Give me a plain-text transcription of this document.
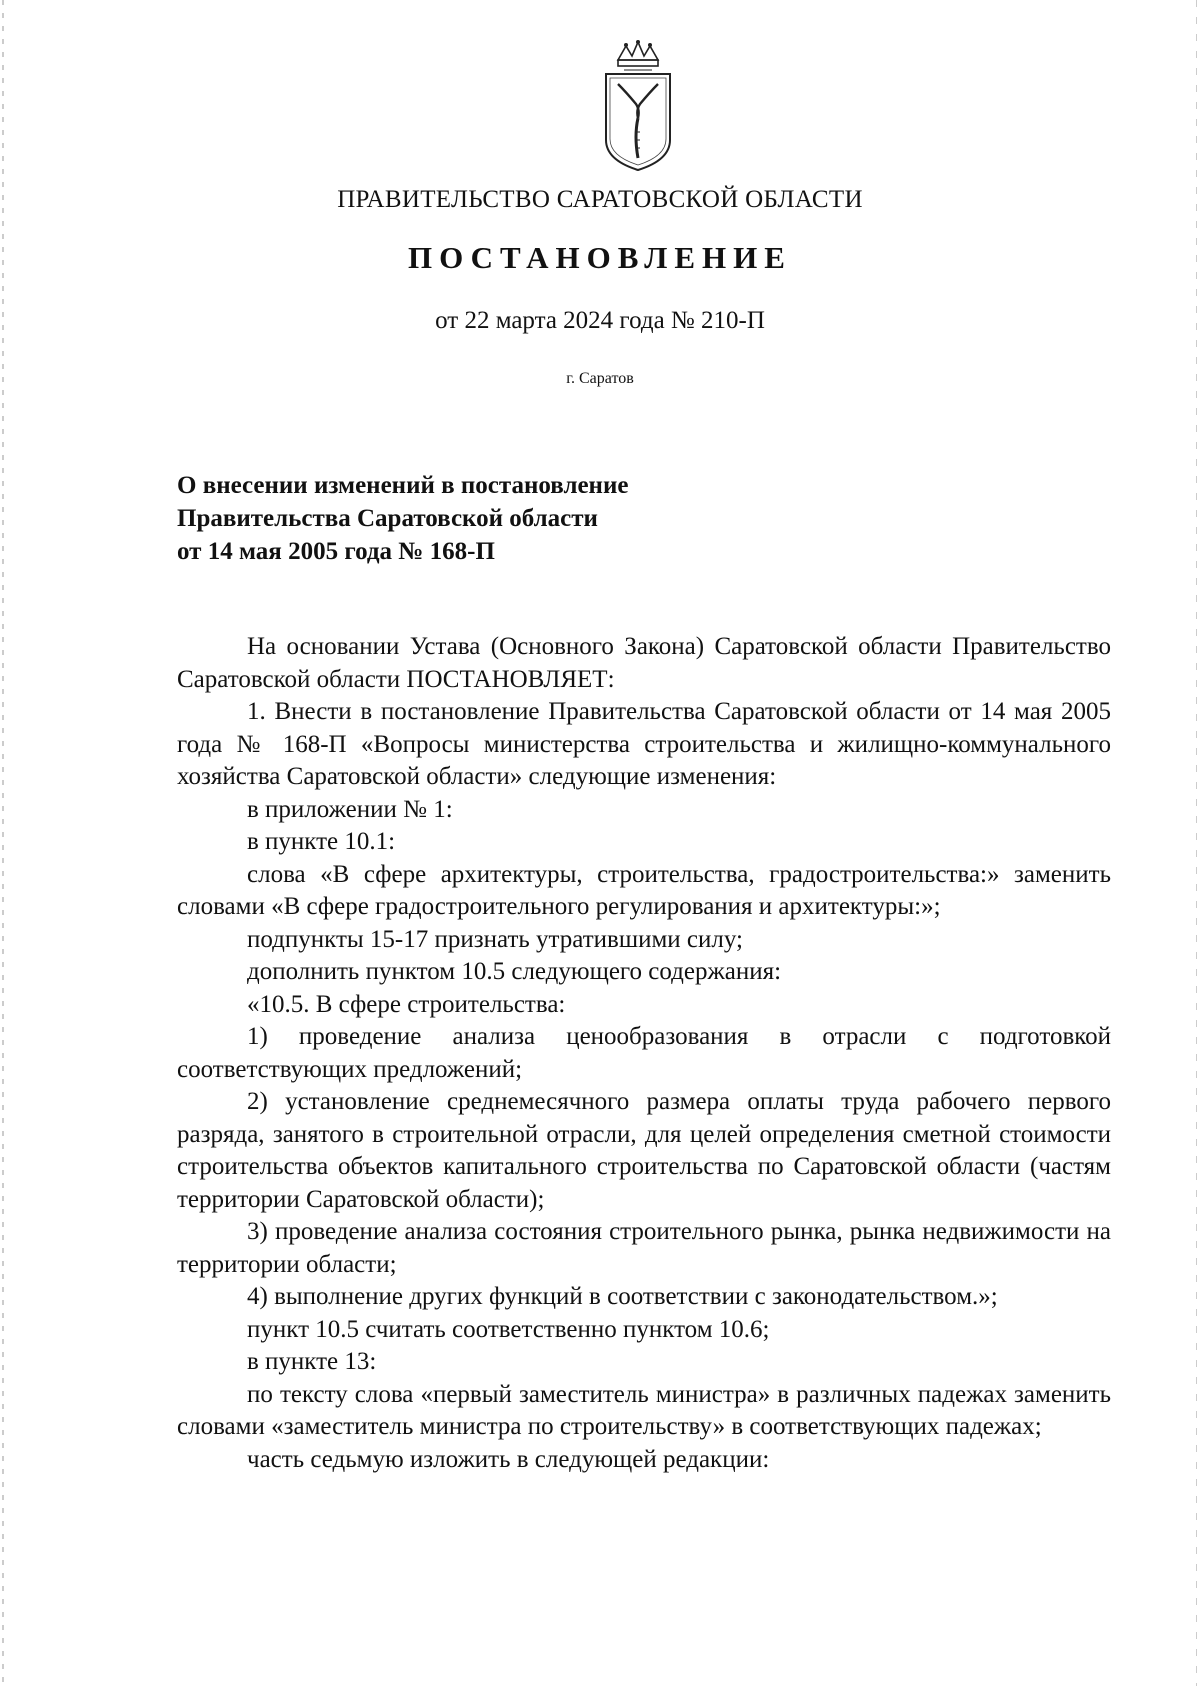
ПРАВИТЕЛЬСТВО САРАТОВСКОЙ ОБЛАСТИ
ПОСТАНОВЛЕНИЕ
от 22 марта 2024 года № 210-П
г. Саратов
О внесении изменений в постановление
Правительства Саратовской области
от 14 мая 2005 года № 168-П

На основании Устава (Основного Закона) Саратовской области Правительство Саратовской области ПОСТАНОВЛЯЕТ:

1. Внести в постановление Правительства Саратовской области от 14 мая 2005 года № 168-П «Вопросы министерства строительства и жилищно-коммунального хозяйства Саратовской области» следующие изменения:

в приложении № 1:

в пункте 10.1:

слова «В сфере архитектуры, строительства, градостроительства:» заменить словами «В сфере градостроительного регулирования и архитектуры:»;

подпункты 15-17 признать утратившими силу;

дополнить пунктом 10.5 следующего содержания:

«10.5. В сфере строительства:

1) проведение анализа ценообразования в отрасли с подготовкой соответствующих предложений;

2) установление среднемесячного размера оплаты труда рабочего первого разряда, занятого в строительной отрасли, для целей определения сметной стоимости строительства объектов капитального строительства по Саратовской области (частям территории Саратовской области);

3) проведение анализа состояния строительного рынка, рынка недвижимости на территории области;

4) выполнение других функций в соответствии с законодательством.»;

пункт 10.5 считать соответственно пунктом 10.6;

в пункте 13:

по тексту слова «первый заместитель министра» в различных падежах заменить словами «заместитель министра по строительству» в соответствующих падежах;

часть седьмую изложить в следующей редакции:
